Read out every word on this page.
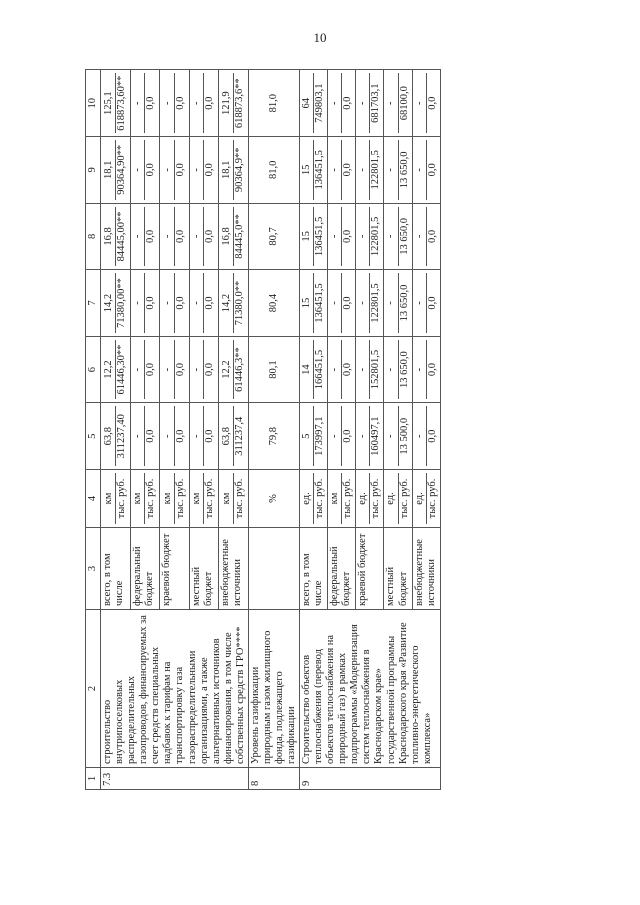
10
1	2	3	4	5	6	7	8	9	10
7.3	строительство внутрипоселковых распределительных газопроводов, финансируемых за счет средств специальных надбавок к тарифам на транспортировку газа газораспределительными организациями, а также альтернативных источников финансирования, в том числе собственных средств ГРО****	всего, в том числе	км тыс. руб.	63,8 311237,40	12,2 61446,30**	14,2 71380,00**	16,8 84445,00**	18,1 90364,90**	125,1 618873,60**

		федеральный бюджет	км тыс. руб.	- 0,0	- 0,0	- 0,0	- 0,0	- 0,0	- 0,0

		краевой бюджет	км тыс. руб.	- 0,0	- 0,0	- 0,0	- 0,0	- 0,0	- 0,0

		местный бюджет	км тыс. руб.	- 0,0	- 0,0	- 0,0	- 0,0	- 0,0	- 0,0

		внебюджетные источники	км тыс. руб.	63,8 311237,4	12,2 61446,3**	14,2 71380,0**	16,8 84445,0**	18,1 90364,9**	121,9 618873,6**

8	Уровень газификации природным газом жилищного фонда, подлежащего газификации		%	79,8	80,1	80,4	80,7	81,0	81,0

9	Строительство объектов теплоснабжения (перевод объектов теплоснабжения на природный газ) в рамках подпрограммы «Модернизация систем теплоснабжения в Краснодарском крае» государственной программы Краснодарского края «Развитие топливно-энергетического комплекса»	всего, в том числе	ед. тыс. руб.	5 173997,1	14 166451,5	15 136451,5	15 136451,5	15 136451,5	64 749803,1

		федеральный бюджет	км тыс. руб.	- 0,0	- 0,0	- 0,0	- 0,0	- 0,0	- 0,0

		краевой бюджет	ед. тыс. руб.	- 160497,1	- 152801,5	- 122801,5	- 122801,5	- 122801,5	- 681703,1

		местный бюджет	ед. тыс. руб.	- 13 500,0	- 13 650,0	- 13 650,0	- 13 650,0	- 13 650,0	- 68100,0

		внебюджетные источники	ед. тыс. руб.	- 0,0	- 0,0	- 0,0	- 0,0	- 0,0	- 0,0
